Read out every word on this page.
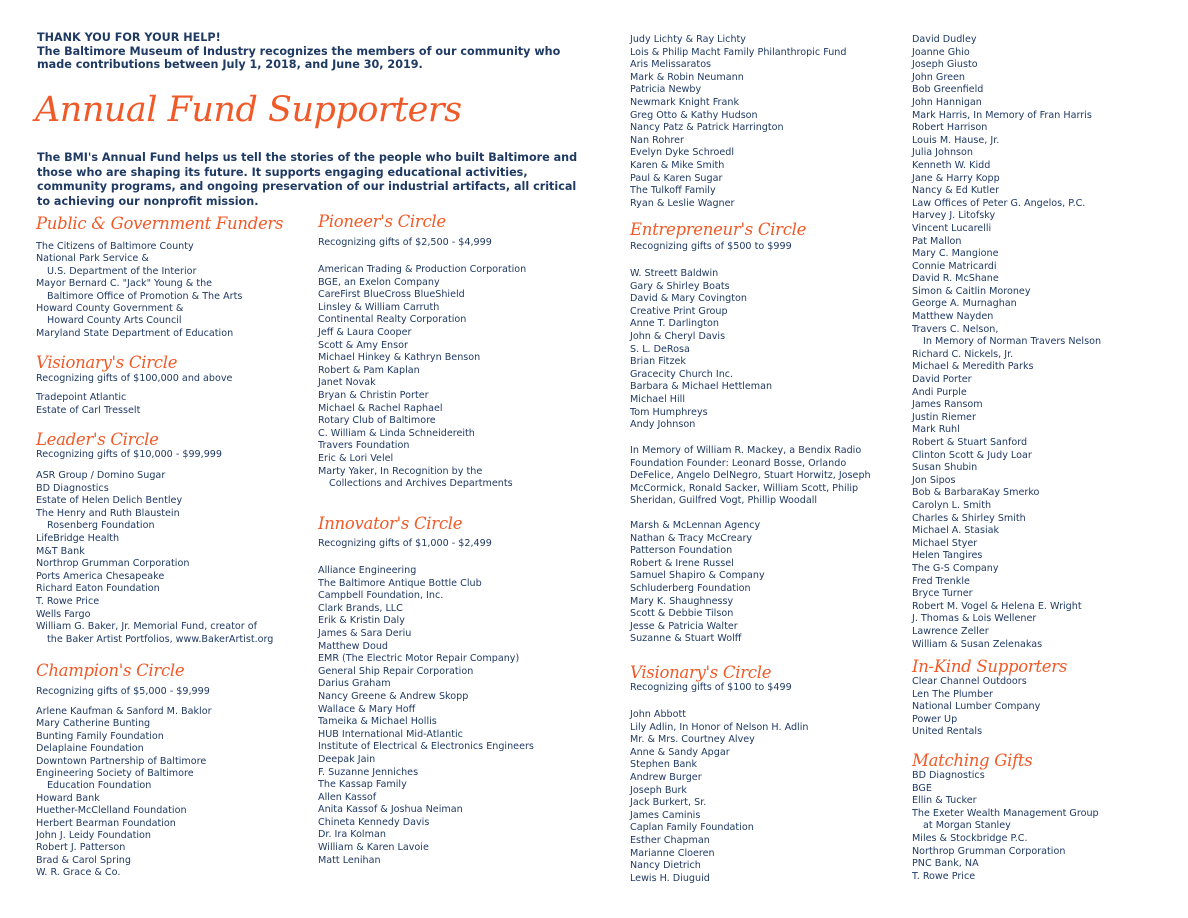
THANK YOU FOR YOUR HELP!

The Baltimore Museum of Industry recognizes the members of our community who made contributions between July 1, 2018, and June 30, 2019.

Annual Fund Supporters
The BMI's Annual Fund helps us tell the stories of the people who built Baltimore and those who are shaping its future. It supports engaging educational activities, community programs, and ongoing preservation of our industrial artifacts, all critical to achieving our nonprofit mission.
Public & Government Funders
The Citizens of Baltimore County
National Park Service &
U.S. Department of the Interior
Mayor Bernard C. "Jack" Young & the
Baltimore Office of Promotion & The Arts
Howard County Government &
Howard County Arts Council
Maryland State Department of Education
Visionary's Circle
Recognizing gifts of $100,000 and above
Tradepoint Atlantic
Estate of Carl Tresselt
Leader's Circle
Recognizing gifts of $10,000 - $99,999
ASR Group / Domino Sugar
BD Diagnostics
Estate of Helen Delich Bentley
The Henry and Ruth Blaustein
Rosenberg Foundation
LifeBridge Health
M&T Bank
Northrop Grumman Corporation
Ports America Chesapeake
Richard Eaton Foundation
T. Rowe Price
Wells Fargo
William G. Baker, Jr. Memorial Fund, creator of
the Baker Artist Portfolios, www.BakerArtist.org
Champion's Circle
Recognizing gifts of $5,000 - $9,999
Arlene Kaufman & Sanford M. Baklor
Mary Catherine Bunting
Bunting Family Foundation
Delaplaine Foundation
Downtown Partnership of Baltimore
Engineering Society of Baltimore
Education Foundation
Howard Bank
Huether-McClelland Foundation
Herbert Bearman Foundation
John J. Leidy Foundation
Robert J. Patterson
Brad & Carol Spring
W. R. Grace & Co.
Pioneer's Circle
Recognizing gifts of $2,500 - $4,999
American Trading & Production Corporation
BGE, an Exelon Company
CareFirst BlueCross BlueShield
Linsley & William Carruth
Continental Realty Corporation
Jeff & Laura Cooper
Scott & Amy Ensor
Michael Hinkey & Kathryn Benson
Robert & Pam Kaplan
Janet Novak
Bryan & Christin Porter
Michael & Rachel Raphael
Rotary Club of Baltimore
C. William & Linda Schneidereith
Travers Foundation
Eric & Lori Velel
Marty Yaker, In Recognition by the
Collections and Archives Departments
Innovator's Circle
Recognizing gifts of $1,000 - $2,499
Alliance Engineering
The Baltimore Antique Bottle Club
Campbell Foundation, Inc.
Clark Brands, LLC
Erik & Kristin Daly
James & Sara Deriu
Matthew Doud
EMR (The Electric Motor Repair Company)
General Ship Repair Corporation
Darius Graham
Nancy Greene & Andrew Skopp
Wallace & Mary Hoff
Tameika & Michael Hollis
HUB International Mid-Atlantic
Institute of Electrical & Electronics Engineers
Deepak Jain
F. Suzanne Jenniches
The Kassap Family
Allen Kassof
Anita Kassof & Joshua Neiman
Chineta Kennedy Davis
Dr. Ira Kolman
William & Karen Lavoie
Matt Lenihan
Judy Lichty & Ray Lichty
Lois & Philip Macht Family Philanthropic Fund
Aris Melissaratos
Mark & Robin Neumann
Patricia Newby
Newmark Knight Frank
Greg Otto & Kathy Hudson
Nancy Patz & Patrick Harrington
Nan Rohrer
Evelyn Dyke Schroedl
Karen & Mike Smith
Paul & Karen Sugar
The Tulkoff Family
Ryan & Leslie Wagner
Entrepreneur's Circle
Recognizing gifts of $500 to $999
W. Streett Baldwin
Gary & Shirley Boats
David & Mary Covington
Creative Print Group
Anne T. Darlington
John & Cheryl Davis
S. L. DeRosa
Brian Fitzek
Gracecity Church Inc.
Barbara & Michael Hettleman
Michael Hill
Tom Humphreys
Andy Johnson
In Memory of William R. Mackey, a Bendix Radio Foundation Founder: Leonard Bosse, Orlando DeFelice, Angelo DelNegro, Stuart Horwitz, Joseph McCormick, Ronald Sacker, William Scott, Philip Sheridan, Guilfred Vogt, Phillip Woodall
Marsh & McLennan Agency
Nathan & Tracy McCreary
Patterson Foundation
Robert & Irene Russel
Samuel Shapiro & Company
Schluderberg Foundation
Mary K. Shaughnessy
Scott & Debbie Tilson
Jesse & Patricia Walter
Suzanne & Stuart Wolff
Visionary's Circle
Recognizing gifts of $100 to $499
John Abbott
Lily Adlin, In Honor of Nelson H. Adlin
Mr. & Mrs. Courtney Alvey
Anne & Sandy Apgar
Stephen Bank
Andrew Burger
Joseph Burk
Jack Burkert, Sr.
James Caminis
Caplan Family Foundation
Esther Chapman
Marianne Cloeren
Nancy Dietrich
Lewis H. Diuguid
David Dudley
Joanne Ghio
Joseph Giusto
John Green
Bob Greenfield
John Hannigan
Mark Harris, In Memory of Fran Harris
Robert Harrison
Louis M. Hause, Jr.
Julia Johnson
Kenneth W. Kidd
Jane & Harry Kopp
Nancy & Ed Kutler
Law Offices of Peter G. Angelos, P.C.
Harvey J. Litofsky
Vincent Lucarelli
Pat Mallon
Mary C. Mangione
Connie Matricardi
David R. McShane
Simon & Caitlin Moroney
George A. Murnaghan
Matthew Nayden
Travers C. Nelson,
In Memory of Norman Travers Nelson
Richard C. Nickels, Jr.
Michael & Meredith Parks
David Porter
Andi Purple
James Ransom
Justin Riemer
Mark Ruhl
Robert & Stuart Sanford
Clinton Scott & Judy Loar
Susan Shubin
Jon Sipos
Bob & BarbaraKay Smerko
Carolyn L. Smith
Charles & Shirley Smith
Michael A. Stasiak
Michael Styer
Helen Tangires
The G-S Company
Fred Trenkle
Bryce Turner
Robert M. Vogel & Helena E. Wright
J. Thomas & Lois Wellener
Lawrence Zeller
William & Susan Zelenakas
In-Kind Supporters
Clear Channel Outdoors
Len The Plumber
National Lumber Company
Power Up
United Rentals
Matching Gifts
BD Diagnostics
BGE
Ellin & Tucker
The Exeter Wealth Management Group
at Morgan Stanley
Miles & Stockbridge P.C.
Northrop Grumman Corporation
PNC Bank, NA
T. Rowe Price
